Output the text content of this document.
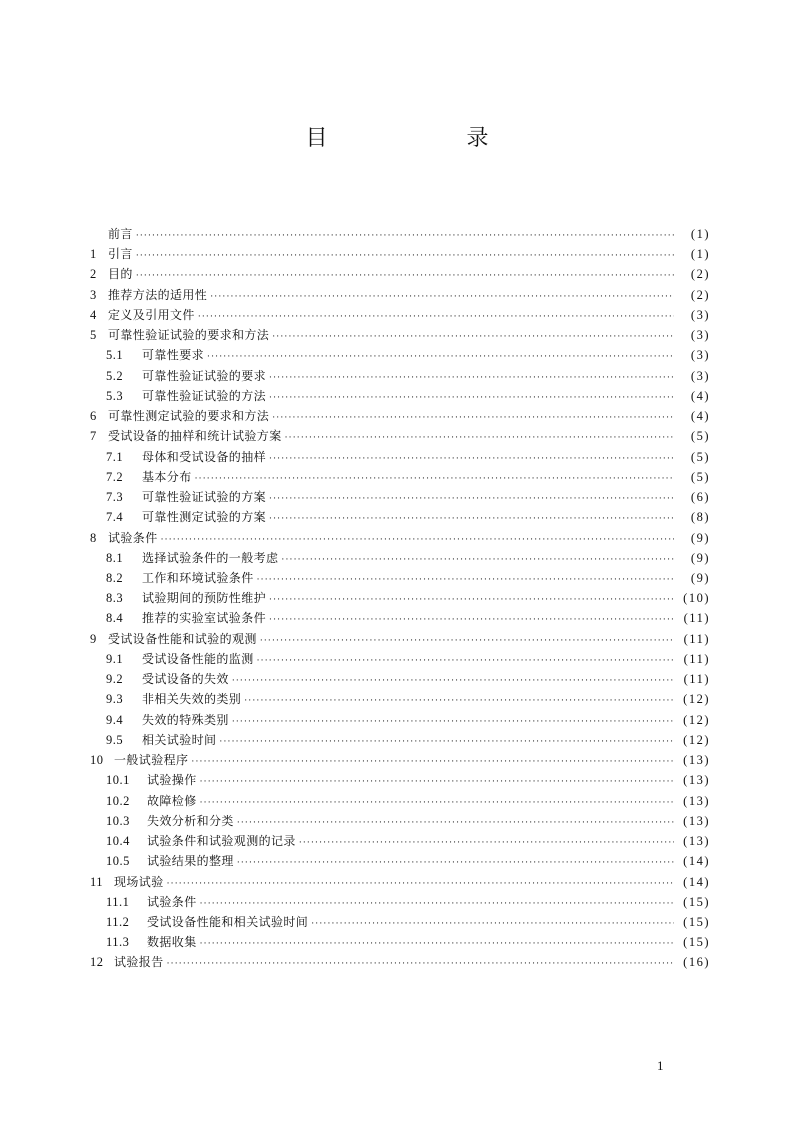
目 录
前言 ·····	(1)
1 引言 ·····	(1)
2 目的 ·····	(2)
3 推荐方法的适用性 ·····	(2)
4 定义及引用文件 ·····	(3)
5 可靠性验证试验的要求和方法 ·····	(3)
5.1	可靠性要求 ·····	(3)
5.2	可靠性验证试验的要求 ·····	(3)
5.3	可靠性验证试验的方法 ·····	(4)
6 可靠性测定试验的要求和方法 ·····	(4)
7 受试设备的抽样和统计试验方案 ·····	(5)
7.1	母体和受试设备的抽样 ·····	(5)
7.2	基本分布 ·····	(5)
7.3	可靠性验证试验的方案 ·····	(6)
7.4	可靠性测定试验的方案 ·····	(8)
8 试验条件 ·····	(9)
8.1	选择试验条件的一般考虑 ·····	(9)
8.2	工作和环境试验条件 ·····	(9)
8.3	试验期间的预防性维护 ·····	(10)
8.4	推荐的实验室试验条件 ·····	(11)
9 受试设备性能和试验的观测 ·····	(11)
9.1	受试设备性能的监测 ·····	(11)
9.2	受试设备的失效 ·····	(11)
9.3	非相关失效的类别 ·····	(12)
9.4	失效的特殊类别 ·····	(12)
9.5	相关试验时间 ·····	(12)
10 一般试验程序 ·····	(13)
10.1	试验操作 ·····	(13)
10.2	故障检修 ·····	(13)
10.3	失效分析和分类 ·····	(13)
10.4	试验条件和试验观测的记录 ·····	(13)
10.5	试验结果的整理 ·····	(14)
11 现场试验 ·····	(14)
11.1	试验条件 ·····	(15)
11.2	受试设备性能和相关试验时间 ·····	(15)
11.3	数据收集 ·····	(15)
12 试验报告 ·····	(16)
1
